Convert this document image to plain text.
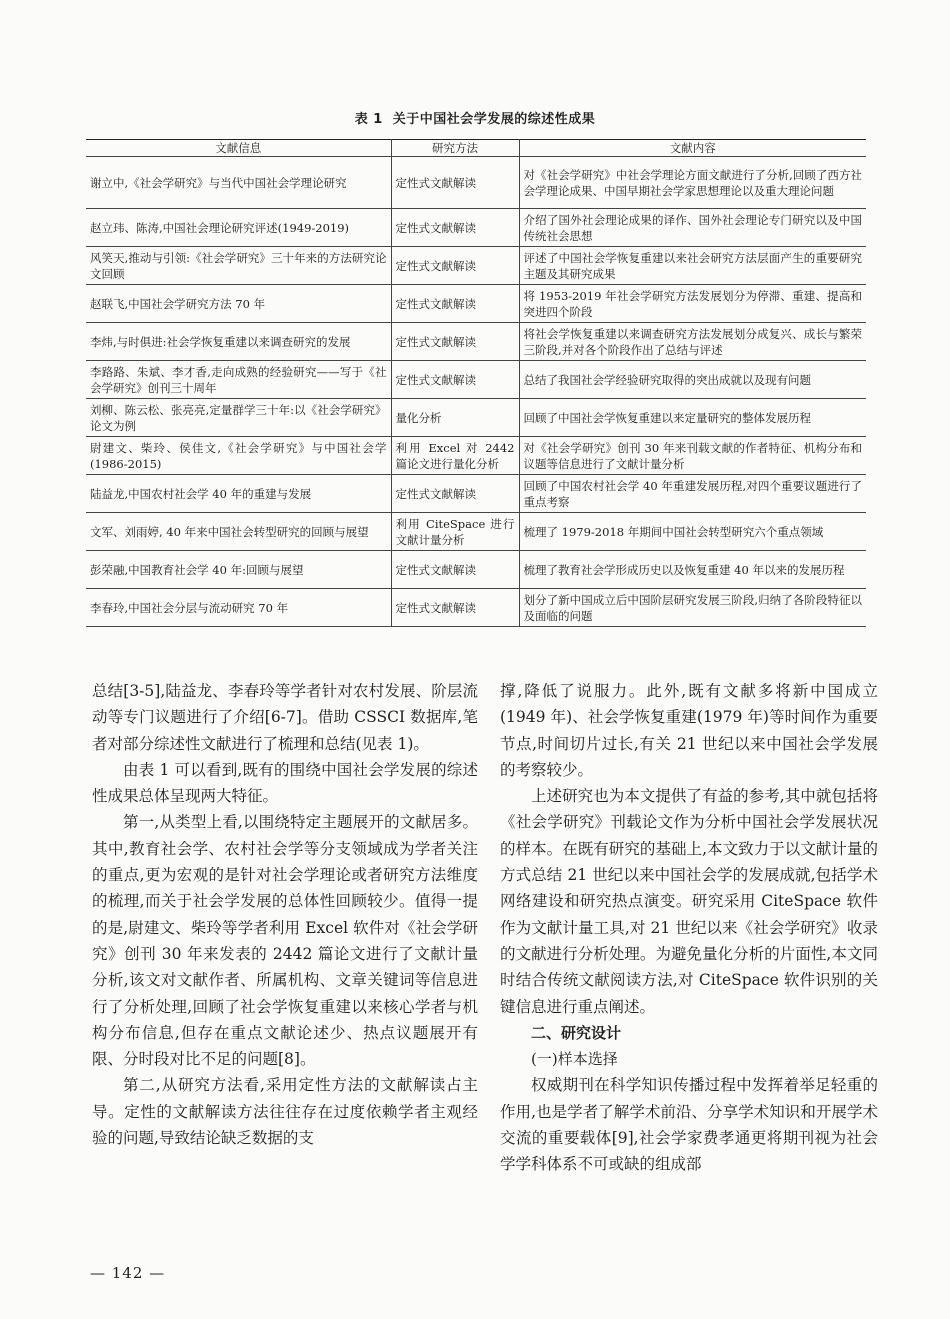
表 1 关于中国社会学发展的综述性成果
文献信息	研究方法	文献内容
谢立中,《社会学研究》与当代中国社会学理论研究	定性式文献解读	对《社会学研究》中社会学理论方面文献进行了分析,回顾了西方社会学理论成果、中国早期社会学家思想理论以及重大理论问题
赵立玮、陈涛,中国社会理论研究评述(1949-2019)	定性式文献解读	介绍了国外社会理论成果的译作、国外社会理论专门研究以及中国传统社会思想
风笑天,推动与引领:《社会学研究》三十年来的方法研究论文回顾	定性式文献解读	评述了中国社会学恢复重建以来社会研究方法层面产生的重要研究主题及其研究成果
赵联飞,中国社会学研究方法 70 年	定性式文献解读	将 1953-2019 年社会学研究方法发展划分为停滞、重建、提高和突进四个阶段
李炜,与时俱进:社会学恢复重建以来调查研究的发展	定性式文献解读	将社会学恢复重建以来调查研究方法发展划分成复兴、成长与繁荣三阶段,并对各个阶段作出了总结与评述
李路路、朱斌、李才香,走向成熟的经验研究——写于《社会学研究》创刊三十周年	定性式文献解读	总结了我国社会学经验研究取得的突出成就以及现有问题
刘柳、陈云松、张亮亮,定量群学三十年:以《社会学研究》论文为例	量化分析	回顾了中国社会学恢复重建以来定量研究的整体发展历程
尉建文、柴玲、侯佳文,《社会学研究》与中国社会学(1986-2015)	利用 Excel 对 2442 篇论文进行量化分析	对《社会学研究》创刊 30 年来刊载文献的作者特征、机构分布和议题等信息进行了文献计量分析
陆益龙,中国农村社会学 40 年的重建与发展	定性式文献解读	回顾了中国农村社会学 40 年重建发展历程,对四个重要议题进行了重点考察
文军、刘雨婷, 40 年来中国社会转型研究的回顾与展望	利用 CiteSpace 进行文献计量分析	梳理了 1979-2018 年期间中国社会转型研究六个重点领域
彭荣融,中国教育社会学 40 年:回顾与展望	定性式文献解读	梳理了教育社会学形成历史以及恢复重建 40 年以来的发展历程
李春玲,中国社会分层与流动研究 70 年	定性式文献解读	划分了新中国成立后中国阶层研究发展三阶段,归纳了各阶段特征以及面临的问题

总结[3-5],陆益龙、李春玲等学者针对农村发展、阶层流动等专门议题进行了介绍[6-7]。借助 CSSCI 数据库,笔者对部分综述性文献进行了梳理和总结(见表 1)。

由表 1 可以看到,既有的围绕中国社会学发展的综述性成果总体呈现两大特征。

第一,从类型上看,以围绕特定主题展开的文献居多。其中,教育社会学、农村社会学等分支领域成为学者关注的重点,更为宏观的是针对社会学理论或者研究方法维度的梳理,而关于社会学发展的总体性回顾较少。值得一提的是,尉建文、柴玲等学者利用 Excel 软件对《社会学研究》创刊 30 年来发表的 2442 篇论文进行了文献计量分析,该文对文献作者、所属机构、文章关键词等信息进行了分析处理,回顾了社会学恢复重建以来核心学者与机构分布信息,但存在重点文献论述少、热点议题展开有限、分时段对比不足的问题[8]。

第二,从研究方法看,采用定性方法的文献解读占主导。定性的文献解读方法往往存在过度依赖学者主观经验的问题,导致结论缺乏数据的支

撑,降低了说服力。此外,既有文献多将新中国成立(1949 年)、社会学恢复重建(1979 年)等时间作为重要节点,时间切片过长,有关 21 世纪以来中国社会学发展的考察较少。

上述研究也为本文提供了有益的参考,其中就包括将《社会学研究》刊载论文作为分析中国社会学发展状况的样本。在既有研究的基础上,本文致力于以文献计量的方式总结 21 世纪以来中国社会学的发展成就,包括学术网络建设和研究热点演变。研究采用 CiteSpace 软件作为文献计量工具,对 21 世纪以来《社会学研究》收录的文献进行分析处理。为避免量化分析的片面性,本文同时结合传统文献阅读方法,对 CiteSpace 软件识别的关键信息进行重点阐述。

二、研究设计

(一)样本选择

权威期刊在科学知识传播过程中发挥着举足轻重的作用,也是学者了解学术前沿、分享学术知识和开展学术交流的重要载体[9],社会学家费孝通更将期刊视为社会学学科体系不可或缺的组成部

— 142 —
